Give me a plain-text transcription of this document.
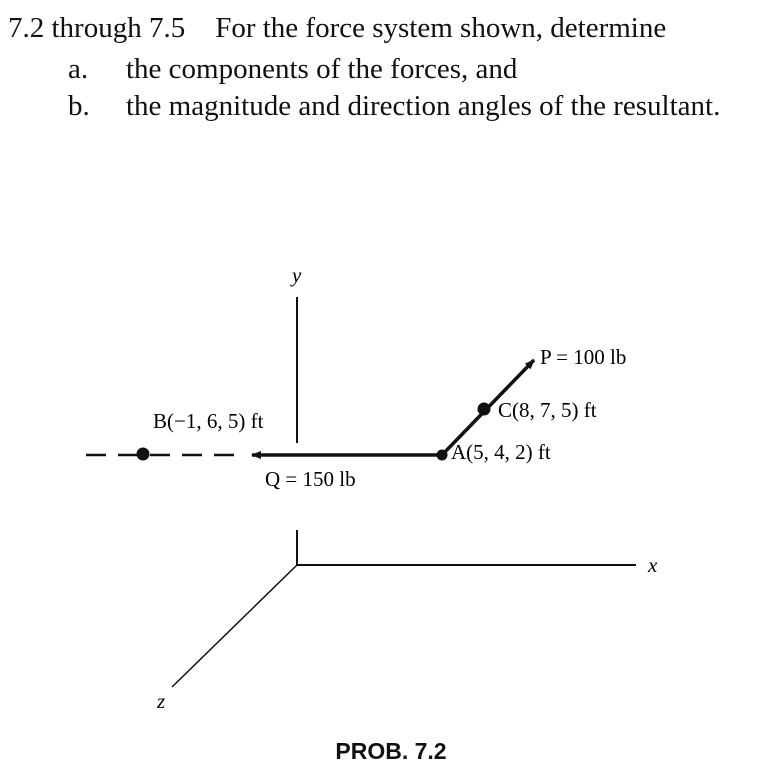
7.2 through 7.5 For the force system shown, determine
a. the components of the forces, and
b. the magnitude and direction angles of the resultant.
y
x
z
B(−1, 6, 5) ft	C(8, 7, 5) ft
A(5, 4, 2) ft
P = 100 lb
Q = 150 lb
PROB. 7.2
